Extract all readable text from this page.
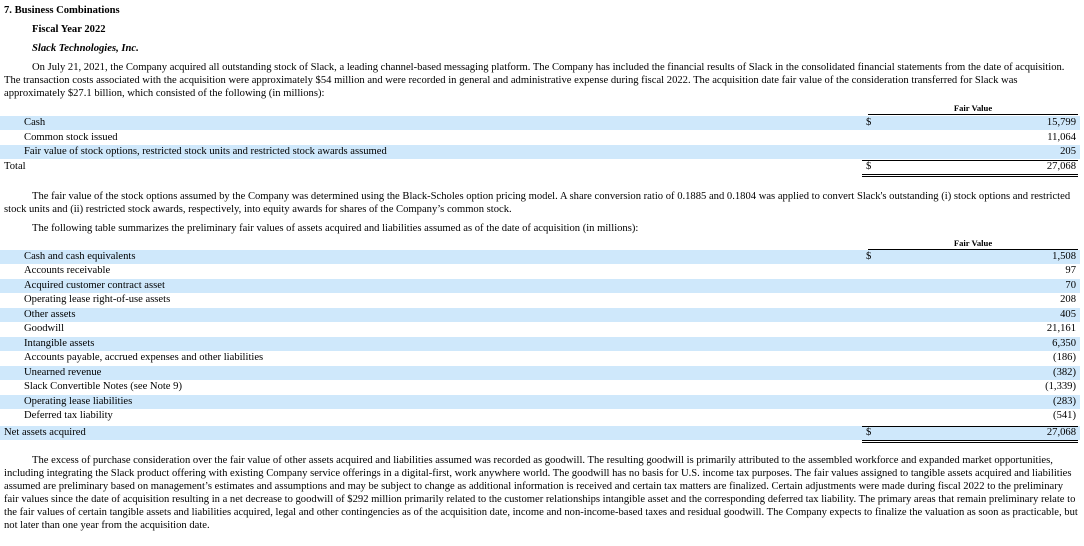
7. Business Combinations
Fiscal Year 2022
Slack Technologies, Inc.
On July 21, 2021, the Company acquired all outstanding stock of Slack, a leading channel-based messaging platform. The Company has included the financial results of Slack in the consolidated financial statements from the date of acquisition. The transaction costs associated with the acquisition were approximately $54 million and were recorded in general and administrative expense during fiscal 2022. The acquisition date fair value of the consideration transferred for Slack was approximately $27.1 billion, which consisted of the following (in millions):
Fair Value
Cash	$	15,799
Common stock issued	11,064
Fair value of stock options, restricted stock units and restricted stock awards assumed	205
Total	$	27,068
The fair value of the stock options assumed by the Company was determined using the Black-Scholes option pricing model. A share conversion ratio of 0.1885 and 0.1804 was applied to convert Slack's outstanding (i) stock options and restricted stock units and (ii) restricted stock awards, respectively, into equity awards for shares of the Company’s common stock.
The following table summarizes the preliminary fair values of assets acquired and liabilities assumed as of the date of acquisition (in millions):
Fair Value
Cash and cash equivalents	$	1,508
Accounts receivable	97
Acquired customer contract asset	70
Operating lease right-of-use assets	208
Other assets	405
Goodwill	21,161
Intangible assets	6,350
Accounts payable, accrued expenses and other liabilities	(186)
Unearned revenue	(382)
Slack Convertible Notes (see Note 9)	(1,339)
Operating lease liabilities	(283)
Deferred tax liability	(541)
Net assets acquired	$	27,068
The excess of purchase consideration over the fair value of other assets acquired and liabilities assumed was recorded as goodwill. The resulting goodwill is primarily attributed to the assembled workforce and expanded market opportunities, including integrating the Slack product offering with existing Company service offerings in a digital-first, work anywhere world. The goodwill has no basis for U.S. income tax purposes. The fair values assigned to tangible assets acquired and liabilities assumed are preliminary based on management’s estimates and assumptions and may be subject to change as additional information is received and certain tax matters are finalized. Certain adjustments were made during fiscal 2022 to the preliminary fair values since the date of acquisition resulting in a net decrease to goodwill of $292 million primarily related to the customer relationships intangible asset and the corresponding deferred tax liability. The primary areas that remain preliminary relate to the fair values of certain tangible assets and liabilities acquired, legal and other contingencies as of the acquisition date, income and non-income-based taxes and residual goodwill. The Company expects to finalize the valuation as soon as practicable, but not later than one year from the acquisition date.
